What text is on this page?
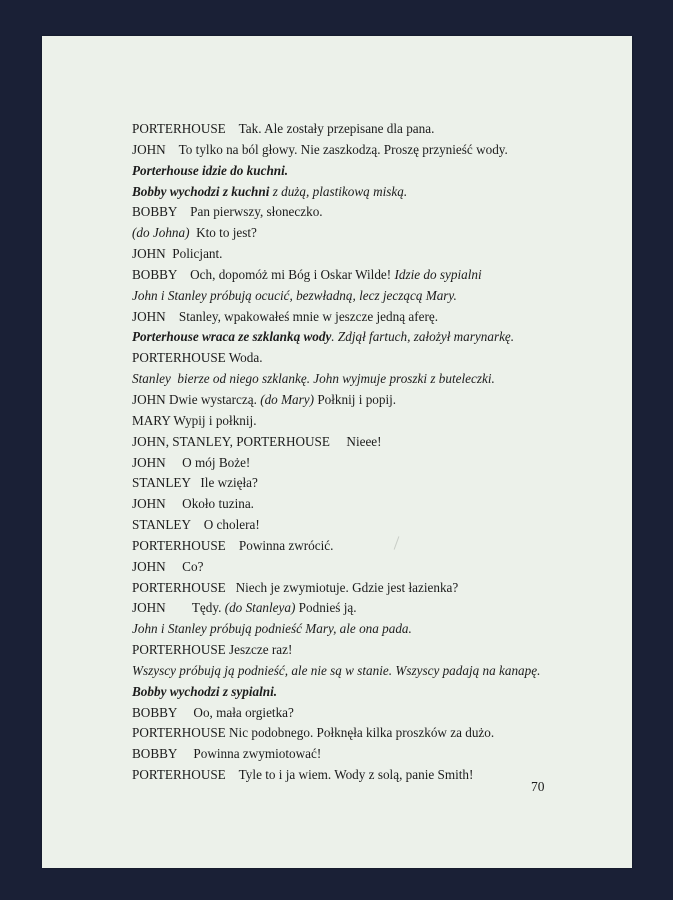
PORTERHOUSE    Tak. Ale zostały przepisane dla pana.
JOHN    To tylko na ból głowy. Nie zaszkodzą. Proszę przynieść wody.
Porterhouse idzie do kuchni.
Bobby wychodzi z kuchni z dużą, plastikową miską.
BOBBY    Pan pierwszy, słoneczko.
(do Johna)  Kto to jest?
JOHN  Policjant.
BOBBY    Och, dopomóż mi Bóg i Oskar Wilde! Idzie do sypialni
John i Stanley próbują ocucić, bezwładną, lecz jeczącą Mary.
JOHN    Stanley, wpakowałeś mnie w jeszcze jedną aferę.
Porterhouse wraca ze szklanką wody. Zdjął fartuch, założył marynarkę.
PORTERHOUSE Woda.
Stanley  bierze od niego szklankę. John wyjmuje proszki z buteleczki.
JOHN Dwie wystarczą. (do Mary) Połknij i popij.
MARY Wypij i połknij.
JOHN, STANLEY, PORTERHOUSE     Nieee!
JOHN     O mój Boże!
STANLEY   Ile wzięła?
JOHN     Około tuzina.
STANLEY    O cholera!
PORTERHOUSE    Powinna zwrócić.
JOHN     Co?
PORTERHOUSE   Niech je zwymiotuje. Gdzie jest łazienka?
JOHN        Tędy. (do Stanleya) Podnieś ją.
John i Stanley próbują podnieść Mary, ale ona pada.
PORTERHOUSE Jeszcze raz!
Wszyscy próbują ją podnieść, ale nie są w stanie. Wszyscy padają na kanapę.
Bobby wychodzi z sypialni.
BOBBY     Oo, mała orgietka?
PORTERHOUSE Nic podobnego. Połknęła kilka proszków za dużo.
BOBBY     Powinna zwymiotować!
PORTERHOUSE    Tyle to i ja wiem. Wody z solą, panie Smith!
70
